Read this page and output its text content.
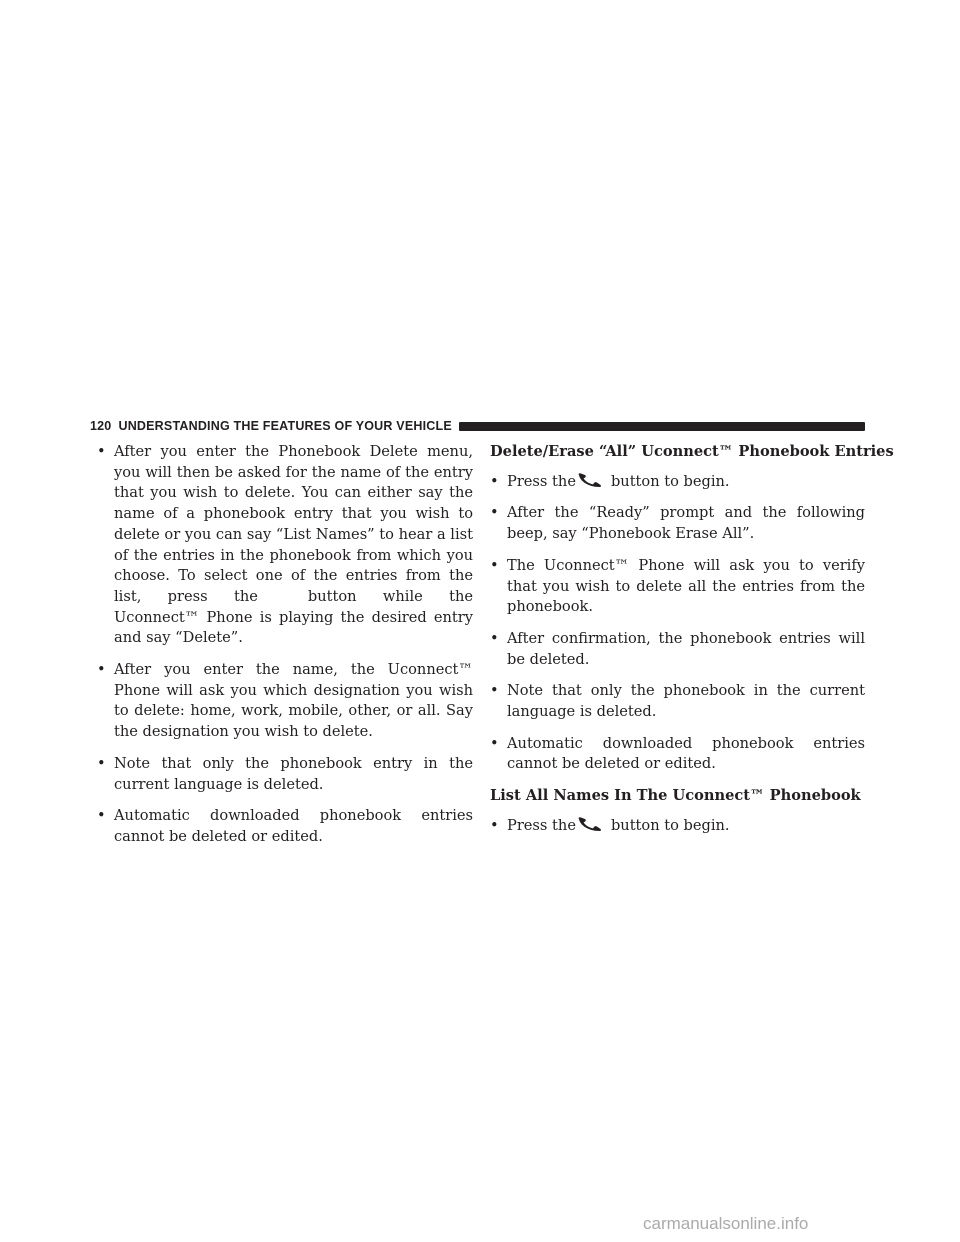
120 UNDERSTANDING THE FEATURES OF YOUR VEHICLE

• After you enter the Phonebook Delete menu, you will then be asked for the name of the entry that you wish to delete. You can either say the name of a phonebook entry that you wish to delete or you can say “List Names” to hear a list of the entries in the phonebook from which you choose. To select one of the entries from the list, press the	button while the Uconnect™ Phone is playing the desired entry and say “Delete”.

• After you enter the name, the Uconnect™ Phone will ask you which designation you wish to delete: home, work, mobile, other, or all. Say the designation you wish to delete.

• Note that only the phonebook entry in the current language is deleted.

• Automatic downloaded phonebook entries cannot be deleted or edited.

Delete/Erase “All” Uconnect™ Phonebook Entries

• Press the button to begin.

• After the “Ready” prompt and the following beep, say “Phonebook Erase All”.

• The Uconnect™ Phone will ask you to verify that you wish to delete all the entries from the phonebook.

• After confirmation, the phonebook entries will be deleted.

• Note that only the phonebook in the current language is deleted.

• Automatic downloaded phonebook entries cannot be deleted or edited.

List All Names In The Uconnect™ Phonebook

• Press the button to begin.

carmanualsonline.info
